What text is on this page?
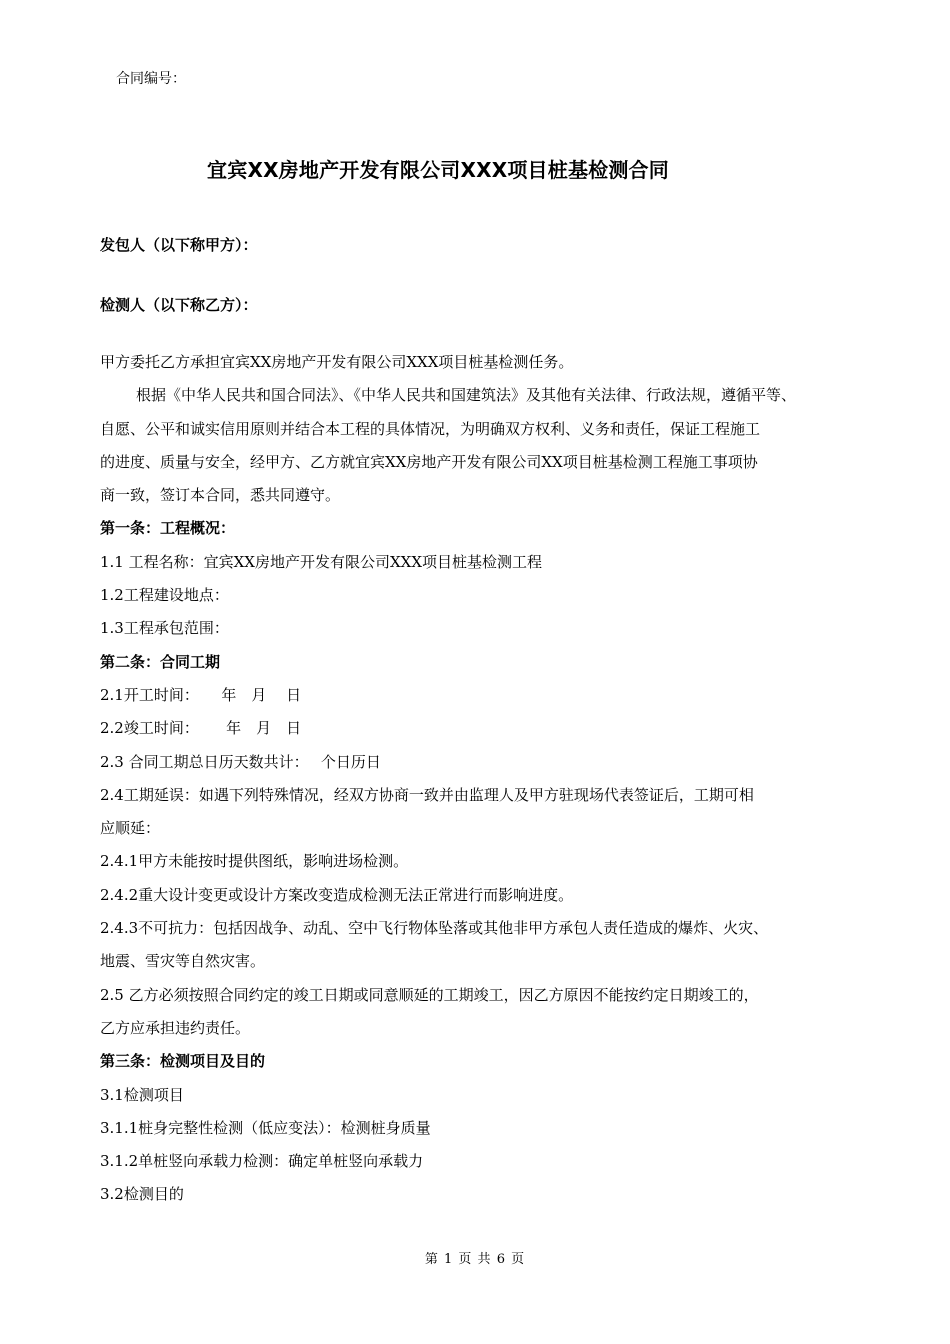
合同编号：
宜宾XX房地产开发有限公司XXX项目桩基检测合同
发包人（以下称甲方）：
检测人（以下称乙方）：

甲方委托乙方承担宜宾XX房地产开发有限公司XXX项目桩基检测任务。

根据《中华人民共和国合同法》、《中华人民共和国建筑法》及其他有关法律、行政法规，遵循平等、

自愿、公平和诚实信用原则并结合本工程的具体情况，为明确双方权利、义务和责任，保证工程施工

的进度、质量与安全，经甲方、乙方就宜宾XX房地产开发有限公司XX项目桩基检测工程施工事项协

商一致，签订本合同，悉共同遵守。

第一条：工程概况：

1.1 工程名称：宜宾XX房地产开发有限公司XXX项目桩基检测工程

1.2工程建设地点：

1.3工程承包范围：

第二条：合同工期

2.1开工时间：　　年　月　 日

2.2竣工时间：　　 年　月　日

2.3 合同工期总日历天数共计：　 个日历日

2.4工期延误：如遇下列特殊情况，经双方协商一致并由监理人及甲方驻现场代表签证后，工期可相

应顺延：

2.4.1甲方未能按时提供图纸，影响进场检测。

2.4.2重大设计变更或设计方案改变造成检测无法正常进行而影响进度。

2.4.3不可抗力：包括因战争、动乱、空中飞行物体坠落或其他非甲方承包人责任造成的爆炸、火灾、

地震、雪灾等自然灾害。

2.5 乙方必须按照合同约定的竣工日期或同意顺延的工期竣工，因乙方原因不能按约定日期竣工的，

乙方应承担违约责任。

第三条：检测项目及目的

3.1检测项目

3.1.1桩身完整性检测（低应变法）：检测桩身质量

3.1.2单桩竖向承载力检测：确定单桩竖向承载力

3.2检测目的

第 1 页 共 6 页
